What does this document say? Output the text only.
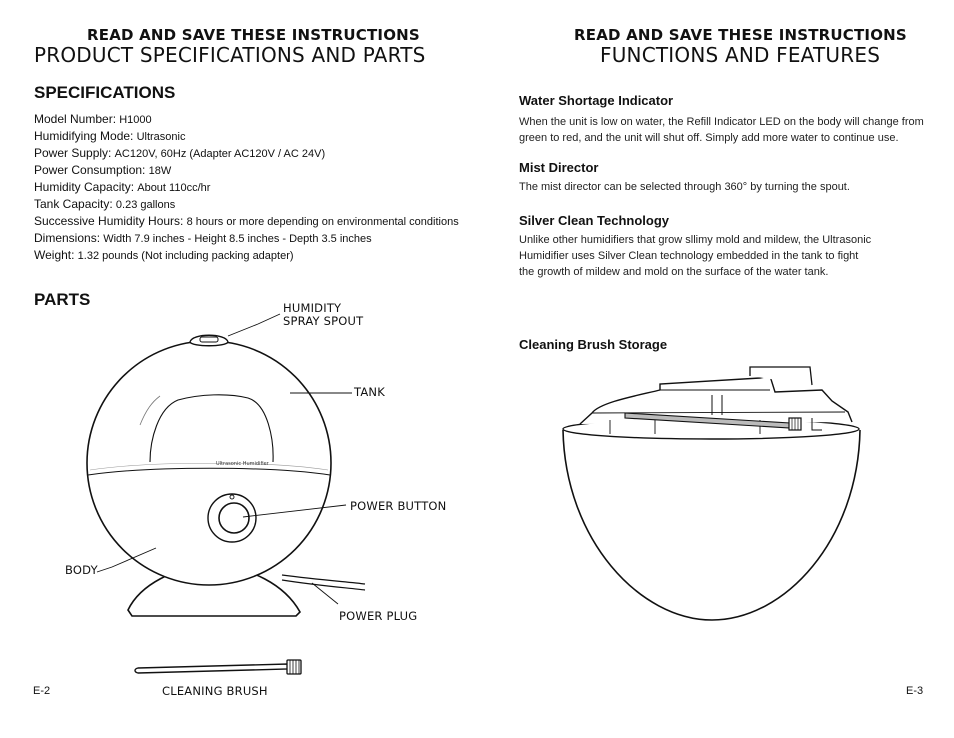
READ AND SAVE THESE INSTRUCTIONS
PRODUCT SPECIFICATIONS AND PARTS
SPECIFICATIONS
Model Number: H1000
Humidifying Mode: Ultrasonic
Power Supply: AC120V, 60Hz (Adapter AC120V / AC 24V)
Power Consumption: 18W
Humidity Capacity: About 110cc/hr
Tank Capacity: 0.23 gallons
Successive Humidity Hours: 8 hours or more depending on environmental conditions
Dimensions: Width 7.9 inches - Height 8.5 inches - Depth 3.5 inches
Weight: 1.32 pounds (Not including packing adapter)
PARTS
Ultrasonic Humidifier
HUMIDITY
SPRAY SPOUT
TANK
POWER BUTTON
BODY
POWER PLUG
CLEANING BRUSH
E-2
READ AND SAVE THESE INSTRUCTIONS
FUNCTIONS AND FEATURES
Water Shortage Indicator
When the unit is low on water, the Refill Indicator LED on the body will change from
green to red, and the unit will shut off. Simply add more water to continue use.
Mist Director
The mist director can be selected through 360° by turning the spout.
Silver Clean Technology
Unlike other humidifiers that grow sllimy mold and mildew, the Ultrasonic
Humidifier uses Silver Clean technology embedded in the tank to fight
the growth of mildew and mold on the surface of the water tank.
Cleaning Brush Storage
E-3
